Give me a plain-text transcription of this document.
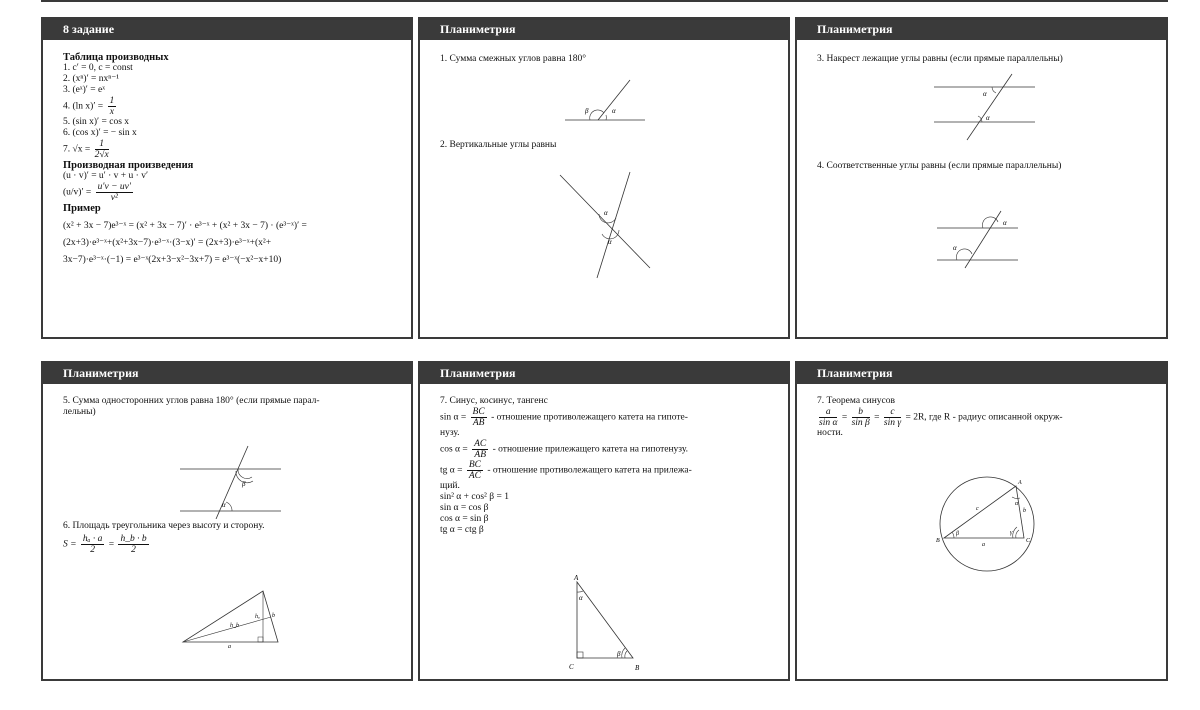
8 задание
Таблица производных
1. c′ = 0, c = const
2. (xⁿ)′ = nxⁿ⁻¹
3. (eˣ)′ = eˣ
4. (ln $x)' = \frac{1}{x}$
5. (sin x)′ = cos x
6. (cos x)′ = − sin x
7. $√x = \frac{1}{2√x}$
Производная произведения
(u · v)′ = u′ · v + u · v′
$(u/v)' = \frac{u'v - uv'}{\text{v²}}$
Пример
(x² + 3x − 7)e³⁻ˣ = (x² + 3x − 7)′ · e³⁻ˣ + (x² + 3x − 7) · (e³⁻ˣ)′ =
(2x+3)·e³⁻ˣ+(x²+3x−7)·e³⁻ˣ·(3−x)′ = (2x+3)·e³⁻ˣ+(x²+
3x−7)·e³⁻ˣ·(−1) = e³⁻ˣ(2x+3−x²−3x+7) = e³⁻ˣ(−x²−x+10)
Планиметрия
1. Сумма смежных углов равна 180°
β	α
2. Вертикальные углы равны
α
α
Планиметрия
3. Накрест лежащие углы равны (если прямые параллельны)
α
α
4. Соответственные углы равны (если прямые параллельны)
α
α
Планиметрия
5. Сумма односторонних углов равна 180° (если прямые парал-
лельны)
β
α
6. Площадь треугольника через высоту и сторону.
$S = \frac{\text{hₐ · a}}{2} = \frac{h\_b \cdot b}{2}$
a
b
hₐ
h_b
Планиметрия
7. Синус, косинус, тангенс
$\sin \alpha = \frac{BC}{AB}$ - отношение противолежащего катета на гипоте-
нузу.
$\cos \alpha = \frac{AC}{AB}$ - отношение прилежащего катета на гипотенузу.
tg $\alpha = \frac{BC}{AC}$ - отношение противолежащего катета на прилежа-
щий.
sin² α + cos² β = 1
sin α = cos β
cos α = sin β
tg α = ctg β
A
C	B
α
β
Планиметрия
7. Теорема синусов
$\frac{a}{\text{sin α}} = \frac{b}{\text{sin β}} = \frac{c}{\text{sin γ}} = 2R$, где R - радиус описанной окруж-
ности.
A
B	C
a
b
c
α
β	γ
